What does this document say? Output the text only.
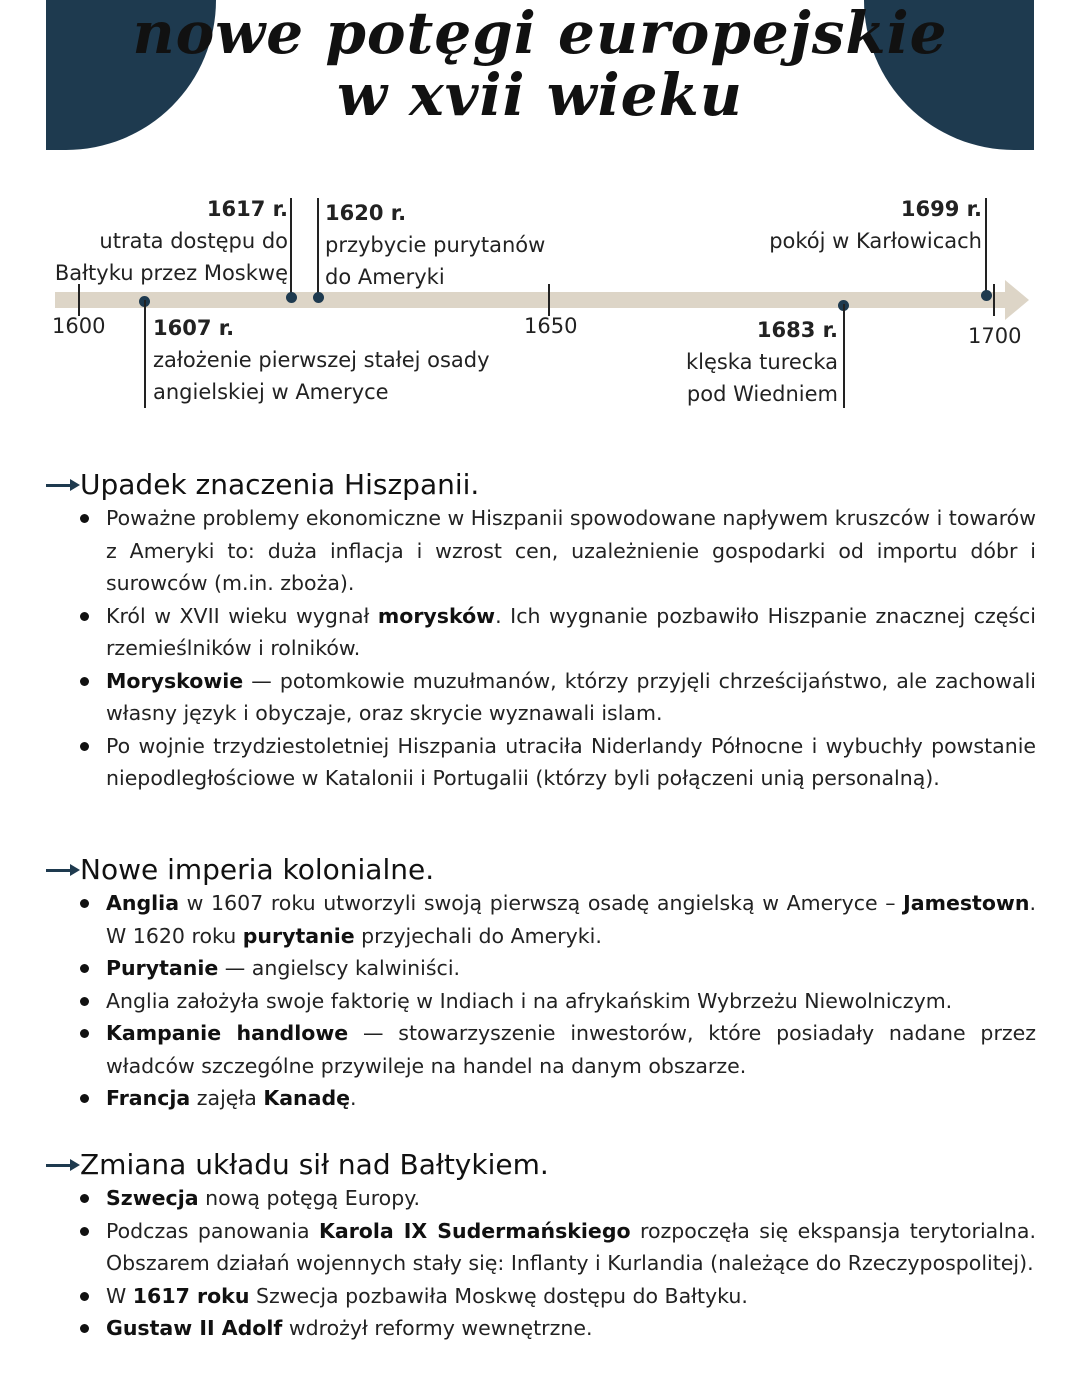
nowe potęgi europejskie
w xvii wieku
1600	1650	1700
1607 r.
założenie pierwszej stałej osady
angielskiej w Ameryce
1617 r.
utrata dostępu do
Bałtyku przez Moskwę
1620 r.
przybycie purytanów
do Ameryki
1683 r.
klęska turecka
pod Wiedniem
1699 r.
pokój w Karłowicach
Upadek znaczenia Hiszpanii.
Poważne problemy ekonomiczne w Hiszpanii spowodowane napływem kruszców i towarów z Ameryki to: duża inflacja i wzrost cen, uzależnienie gospodarki od importu dóbr i surowców (m.in. zboża).
Król w XVII wieku wygnał morysków. Ich wygnanie pozbawiło Hiszpanie znacznej części rzemieślników i rolników.
Moryskowie — potomkowie muzułmanów, którzy przyjęli chrześcijaństwo, ale zachowali własny język i obyczaje, oraz skrycie wyznawali islam.
Po wojnie trzydziestoletniej Hiszpania utraciła Niderlandy Północne i wybuchły powstanie niepodległościowe w Katalonii i Portugalii (którzy byli połączeni unią personalną).
Nowe imperia kolonialne.
Anglia w 1607 roku utworzyli swoją pierwszą osadę angielską w Ameryce – Jamestown. W 1620 roku purytanie przyjechali do Ameryki.
Purytanie — angielscy kalwiniści.
Anglia założyła swoje faktorię w Indiach i na afrykańskim Wybrzeżu Niewolniczym.
Kampanie handlowe — stowarzyszenie inwestorów, które posiadały nadane przez władców szczególne przywileje na handel na danym obszarze.
Francja zajęła Kanadę.
Zmiana układu sił nad Bałtykiem.
Szwecja nową potęgą Europy.
Podczas panowania Karola IX Sudermańskiego rozpoczęła się ekspansja terytorialna. Obszarem działań wojennych stały się: Inflanty i Kurlandia (należące do Rzeczypospolitej).
W 1617 roku Szwecja pozbawiła Moskwę dostępu do Bałtyku.
Gustaw II Adolf wdrożył reformy wewnętrzne.
